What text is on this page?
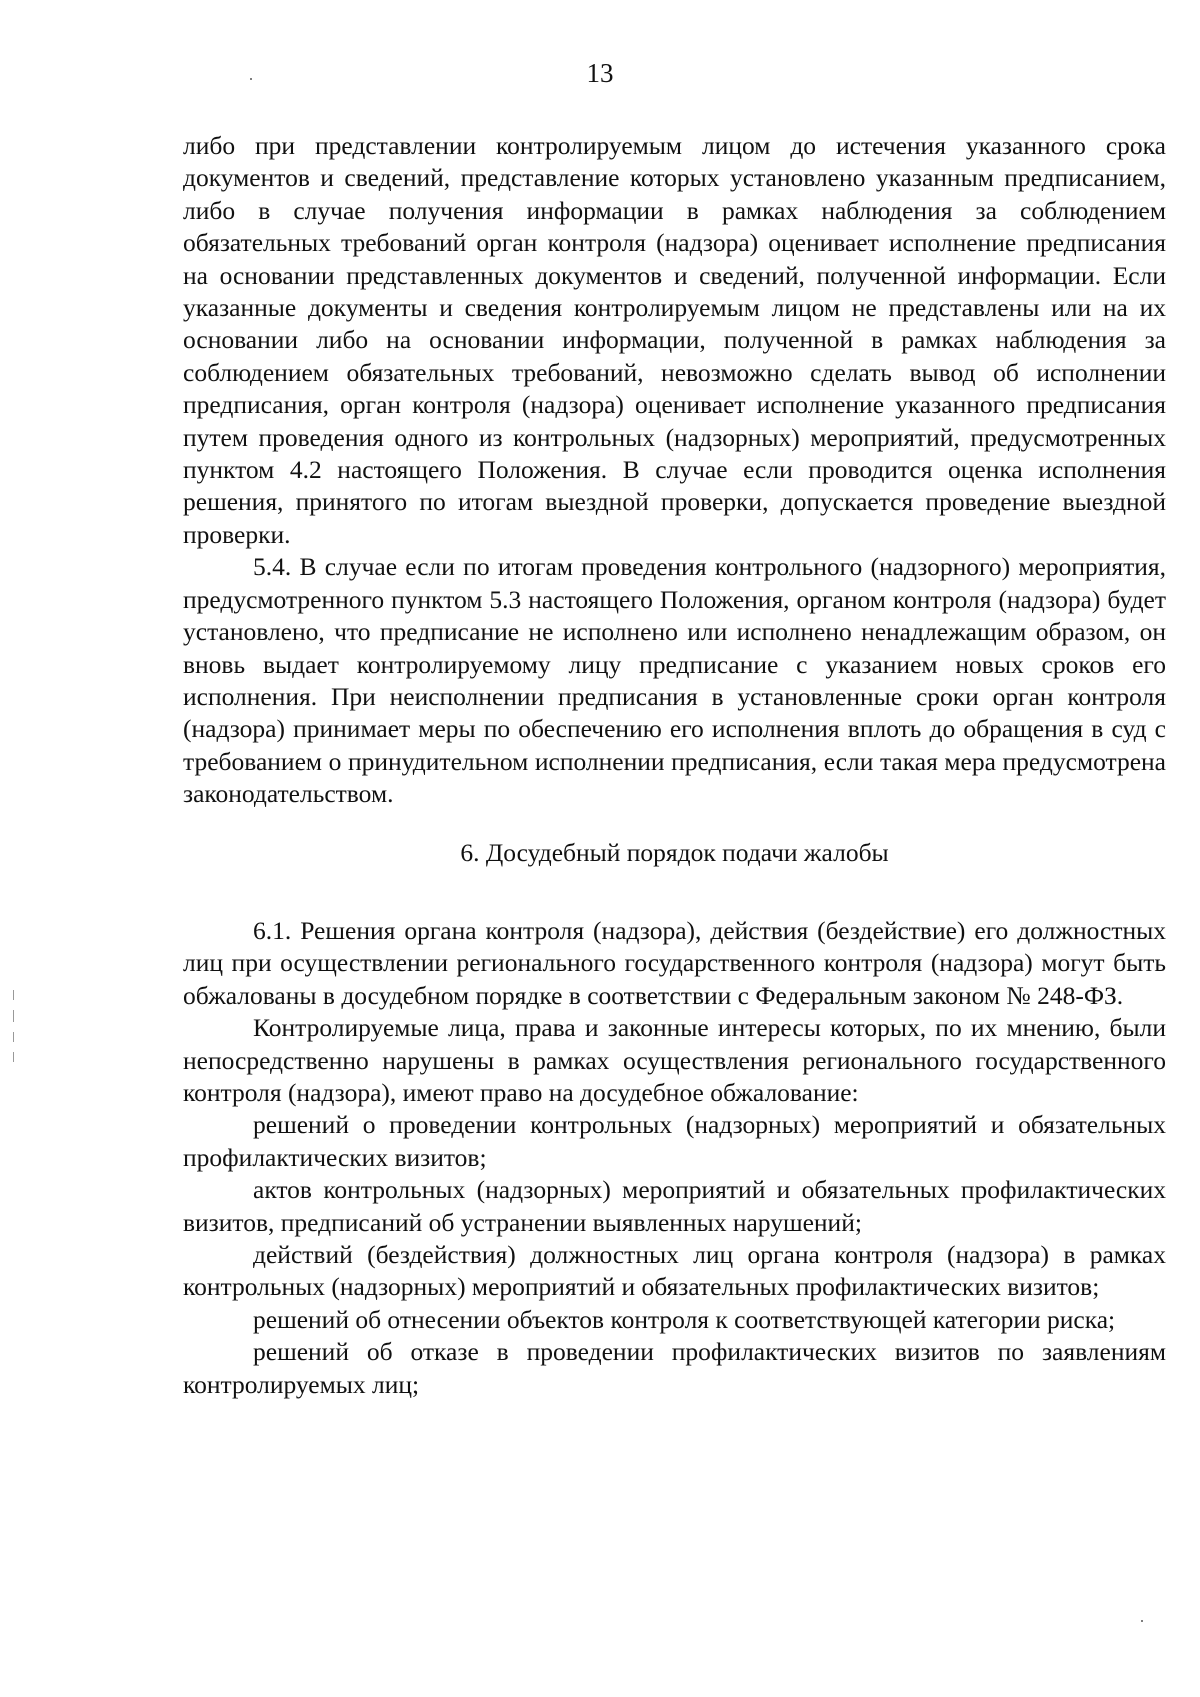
13

либо при представлении контролируемым лицом до истечения указанного срока документов и сведений, представление которых установлено указанным предписанием, либо в случае получения информации в рамках наблюдения за соблюдением обязательных требований орган контроля (надзора) оценивает исполнение предписания на основании представленных документов и сведений, полученной информации. Если указанные документы и сведения контролируемым лицом не представлены или на их основании либо на основании информации, полученной в рамках наблюдения за соблюдением обязательных требований, невозможно сделать вывод об исполнении предписания, орган контроля (надзора) оценивает исполнение указанного предписания путем проведения одного из контрольных (надзорных) мероприятий, предусмотренных пунктом 4.2 настоящего Положения. В случае если проводится оценка исполнения решения, принятого по итогам выездной проверки, допускается проведение выездной проверки.

5.4. В случае если по итогам проведения контрольного (надзорного) мероприятия, предусмотренного пунктом 5.3 настоящего Положения, органом контроля (надзора) будет установлено, что предписание не исполнено или исполнено ненадлежащим образом, он вновь выдает контролируемому лицу предписание с указанием новых сроков его исполнения. При неисполнении предписания в установленные сроки орган контроля (надзора) принимает меры по обеспечению его исполнения вплоть до обращения в суд с требованием о принудительном исполнении предписания, если такая мера предусмотрена законодательством.

6. Досудебный порядок подачи жалобы

6.1. Решения органа контроля (надзора), действия (бездействие) его должностных лиц при осуществлении регионального государственного контроля (надзора) могут быть обжалованы в досудебном порядке в соответствии с Федеральным законом № 248-ФЗ.

Контролируемые лица, права и законные интересы которых, по их мнению, были непосредственно нарушены в рамках осуществления регионального государственного контроля (надзора), имеют право на досудебное обжалование:

решений о проведении контрольных (надзорных) мероприятий и обязательных профилактических визитов;

актов контрольных (надзорных) мероприятий и обязательных профилактических визитов, предписаний об устранении выявленных нарушений;

действий (бездействия) должностных лиц органа контроля (надзора) в рамках контрольных (надзорных) мероприятий и обязательных профилактических визитов;

решений об отнесении объектов контроля к соответствующей категории риска;

решений об отказе в проведении профилактических визитов по заявлениям контролируемых лиц;
